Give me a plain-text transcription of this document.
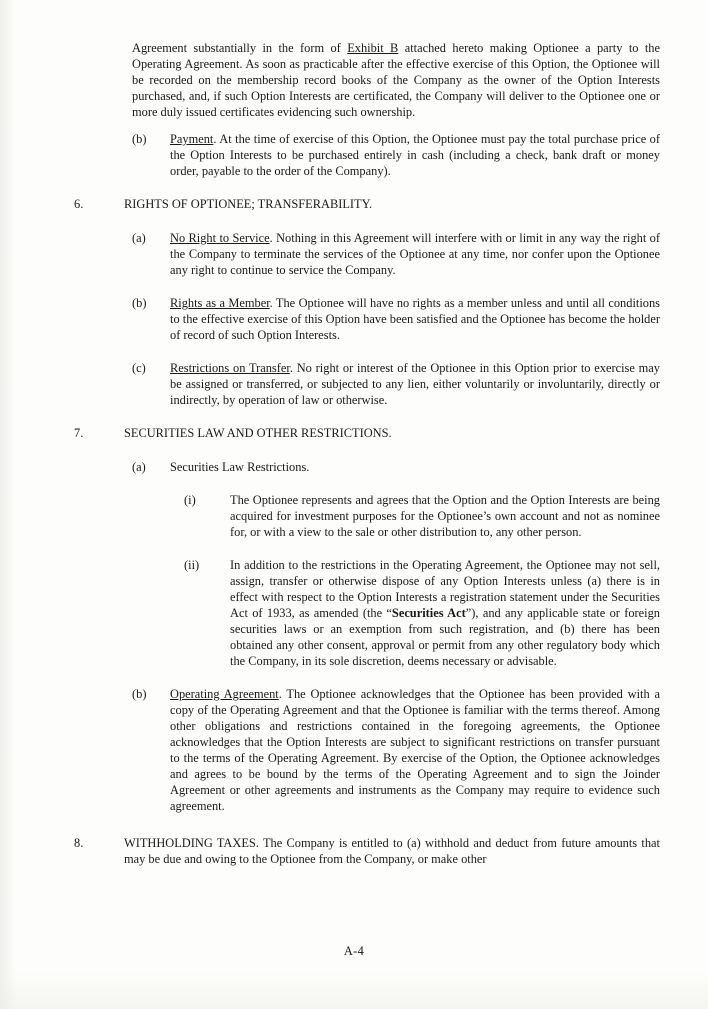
Agreement substantially in the form of Exhibit B attached hereto making Optionee a party to the Operating Agreement. As soon as practicable after the effective exercise of this Option, the Optionee will be recorded on the membership record books of the Company as the owner of the Option Interests purchased, and, if such Option Interests are certificated, the Company will deliver to the Optionee one or more duly issued certificates evidencing such ownership.

(b)	Payment. At the time of exercise of this Option, the Optionee must pay the total purchase price of the Option Interests to be purchased entirely in cash (including a check, bank draft or money order, payable to the order of the Company).
6.	RIGHTS OF OPTIONEE; TRANSFERABILITY.
(a)	No Right to Service. Nothing in this Agreement will interfere with or limit in any way the right of the Company to terminate the services of the Optionee at any time, nor confer upon the Optionee any right to continue to service the Company.
(b)	Rights as a Member. The Optionee will have no rights as a member unless and until all conditions to the effective exercise of this Option have been satisfied and the Optionee has become the holder of record of such Option Interests.
(c)	Restrictions on Transfer. No right or interest of the Optionee in this Option prior to exercise may be assigned or transferred, or subjected to any lien, either voluntarily or involuntarily, directly or indirectly, by operation of law or otherwise.
7.	SECURITIES LAW AND OTHER RESTRICTIONS.
(a)	Securities Law Restrictions.
(i)	The Optionee represents and agrees that the Option and the Option Interests are being acquired for investment purposes for the Optionee’s own account and not as nominee for, or with a view to the sale or other distribution to, any other person.
(ii)	In addition to the restrictions in the Operating Agreement, the Optionee may not sell, assign, transfer or otherwise dispose of any Option Interests unless (a) there is in effect with respect to the Option Interests a registration statement under the Securities Act of 1933, as amended (the “Securities Act”), and any applicable state or foreign securities laws or an exemption from such registration, and (b) there has been obtained any other consent, approval or permit from any other regulatory body which the Company, in its sole discretion, deems necessary or advisable.
(b)	Operating Agreement. The Optionee acknowledges that the Optionee has been provided with a copy of the Operating Agreement and that the Optionee is familiar with the terms thereof. Among other obligations and restrictions contained in the foregoing agreements, the Optionee acknowledges that the Option Interests are subject to significant restrictions on transfer pursuant to the terms of the Operating Agreement. By exercise of the Option, the Optionee acknowledges and agrees to be bound by the terms of the Operating Agreement and to sign the Joinder Agreement or other agreements and instruments as the Company may require to evidence such agreement.
8.	WITHHOLDING TAXES. The Company is entitled to (a) withhold and deduct from future amounts that may be due and owing to the Optionee from the Company, or make other
A-4
